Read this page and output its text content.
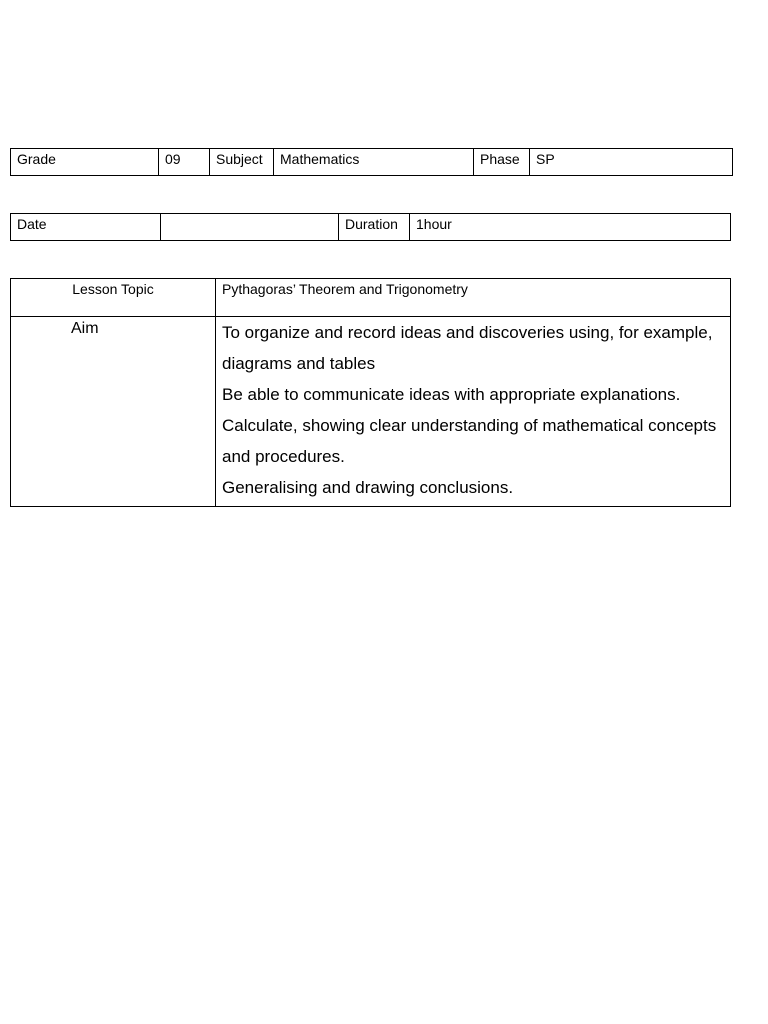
Grade	09	Subject	Mathematics	Phase	SP
Date		Duration	1hour
Lesson Topic	Pythagoras’ Theorem and Trigonometry
Aim	To organize and record ideas and discoveries using, for example, diagrams and tables
Be able to communicate ideas with appropriate explanations.
Calculate, showing clear understanding of mathematical concepts and procedures.
Generalising and drawing conclusions.
